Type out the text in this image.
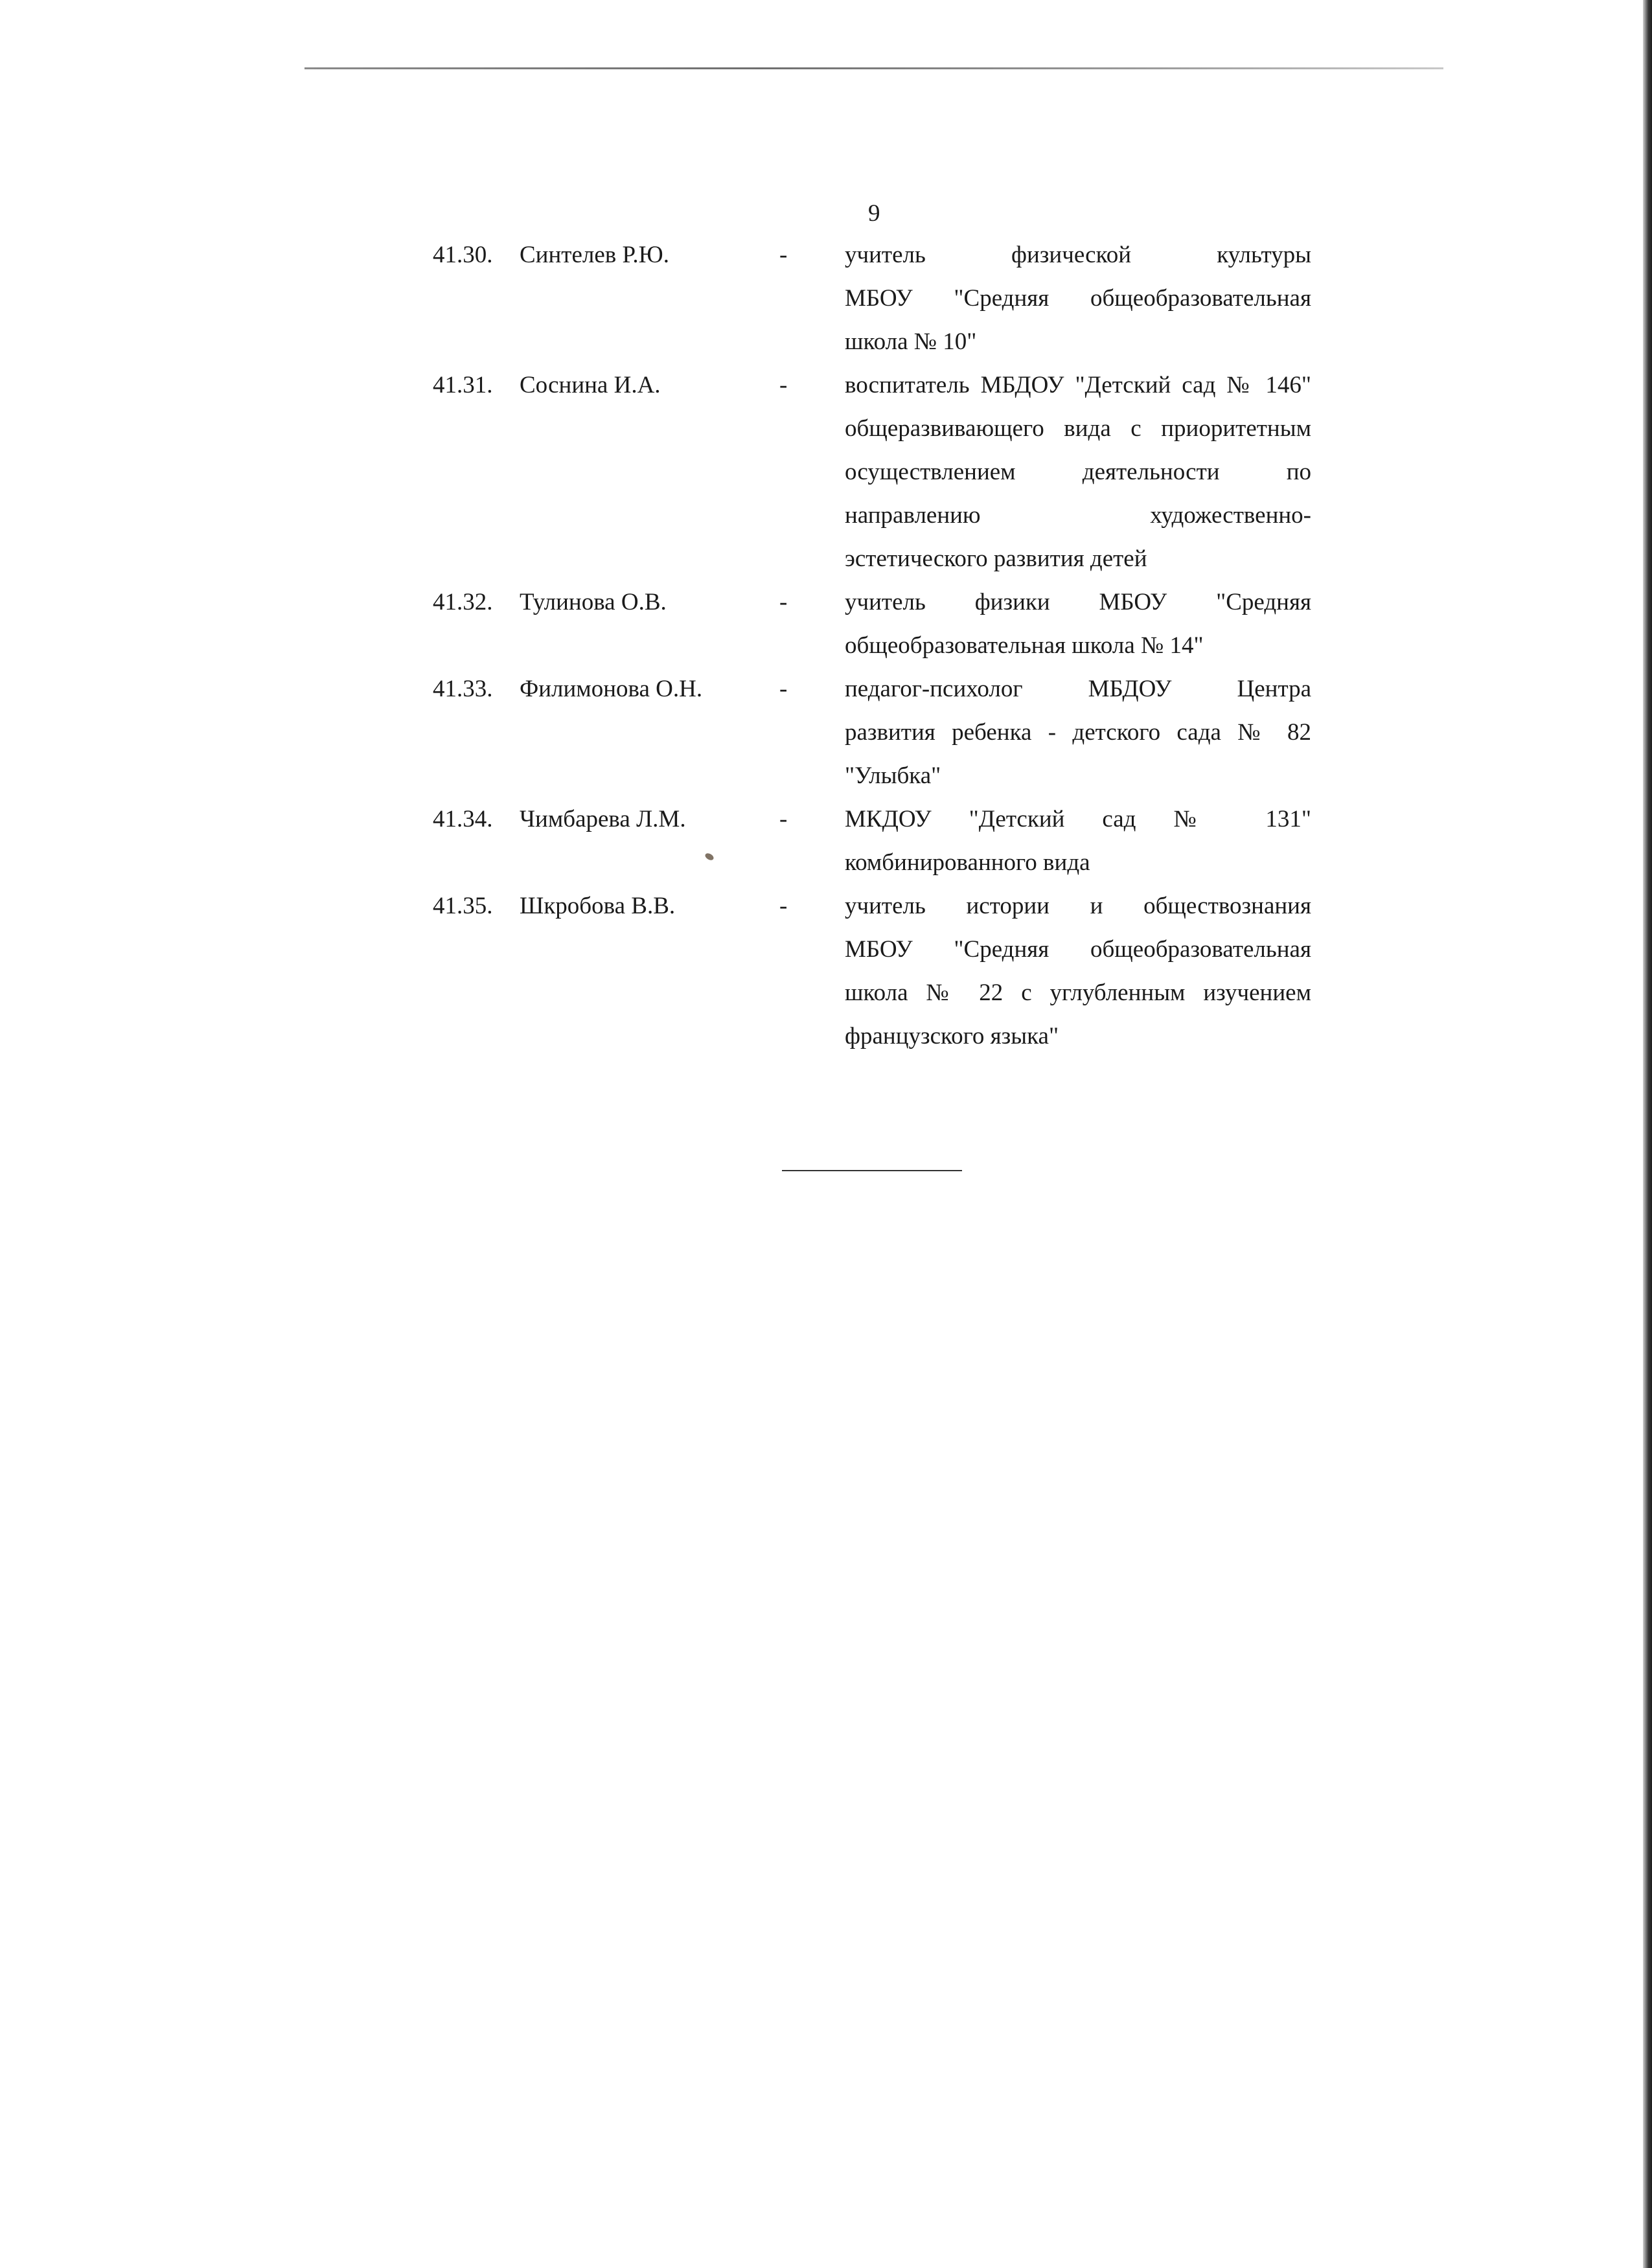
9
41.30. Синтелев Р.Ю.	- учитель физической культуры
МБОУ "Средняя общеобразовательная
школа № 10"
41.31. Соснина И.А.	- воспитатель МБДОУ "Детский сад № 146"
общеразвивающего вида с приоритетным
осуществлением деятельности по
направлению художественно-
эстетического развития детей
41.32. Тулинова О.В.	- учитель физики МБОУ "Средняя
общеобразовательная школа № 14"
41.33. Филимонова О.Н.	- педагог-психолог МБДОУ Центра
развития ребенка - детского сада № 82
"Улыбка"
41.34. Чимбарева Л.М.	- МКДОУ "Детский сад № 131"
комбинированного вида
41.35. Шкробова В.В.	- учитель истории и обществознания
МБОУ "Средняя общеобразовательная
школа № 22 с углубленным изучением
французского языка"
